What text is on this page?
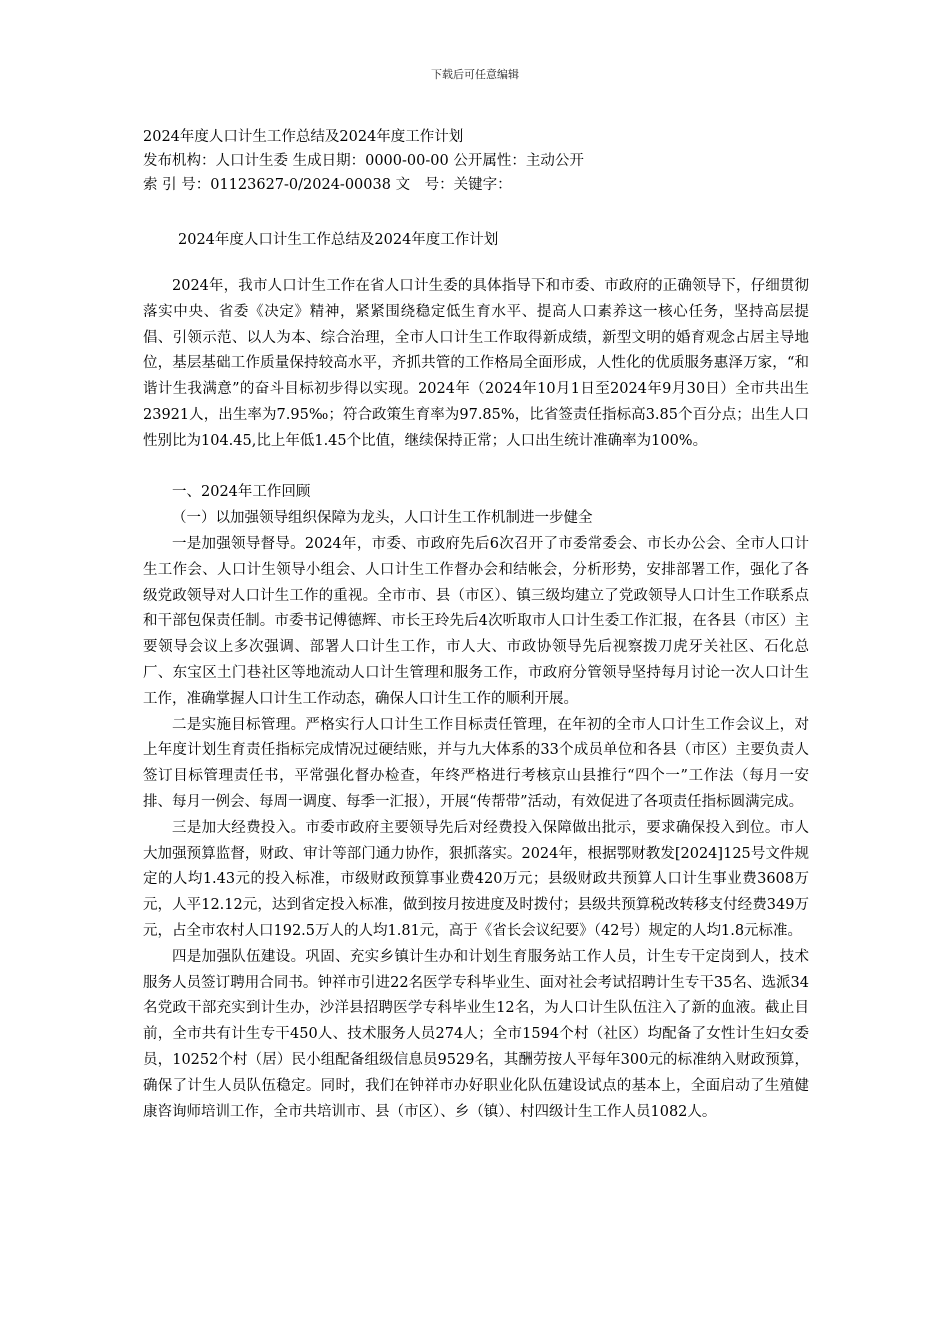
下载后可任意编辑
2024年度人口计生工作总结及2024年度工作计划
发布机构：人口计生委 生成日期：0000-00-00 公开属性：主动公开
索 引 号：01123627-0/2024-00038 文　号：关键字：
2024年度人口计生工作总结及2024年度工作计划

2024年，我市人口计生工作在省人口计生委的具体指导下和市委、市政府的正确领导下，仔细贯彻落实中央、省委《决定》精神，紧紧围绕稳定低生育水平、提高人口素养这一核心任务，坚持高层提倡、引领示范、以人为本、综合治理，全市人口计生工作取得新成绩，新型文明的婚育观念占居主导地位，基层基础工作质量保持较高水平，齐抓共管的工作格局全面形成，人性化的优质服务惠泽万家，“和谐计生我满意”的奋斗目标初步得以实现。2024年（2024年10月1日至2024年9月30日）全市共出生23921人，出生率为7.95‰；符合政策生育率为97.85%，比省签责任指标高3.85个百分点；出生人口性别比为104.45,比上年低1.45个比值，继续保持正常；人口出生统计准确率为100%。

一、2024年工作回顾

（一）以加强领导组织保障为龙头，人口计生工作机制进一步健全

一是加强领导督导。2024年，市委、市政府先后6次召开了市委常委会、市长办公会、全市人口计生工作会、人口计生领导小组会、人口计生工作督办会和结帐会，分析形势，安排部署工作，强化了各级党政领导对人口计生工作的重视。全市市、县（市区）、镇三级均建立了党政领导人口计生工作联系点和干部包保责任制。市委书记傅德辉、市长王玲先后4次听取市人口计生委工作汇报，在各县（市区）主要领导会议上多次强调、部署人口计生工作，市人大、市政协领导先后视察拨刀虎牙关社区、石化总厂、东宝区土门巷社区等地流动人口计生管理和服务工作，市政府分管领导坚持每月讨论一次人口计生工作，准确掌握人口计生工作动态，确保人口计生工作的顺利开展。

二是实施目标管理。严格实行人口计生工作目标责任管理，在年初的全市人口计生工作会议上，对上年度计划生育责任指标完成情况过硬结账，并与九大体系的33个成员单位和各县（市区）主要负责人签订目标管理责任书，平常强化督办检查，年终严格进行考核京山县推行“四个一”工作法（每月一安排、每月一例会、每周一调度、每季一汇报），开展“传帮带”活动，有效促进了各项责任指标圆满完成。

三是加大经费投入。市委市政府主要领导先后对经费投入保障做出批示，要求确保投入到位。市人大加强预算监督，财政、审计等部门通力协作，狠抓落实。2024年，根据鄂财教发[2024]125号文件规定的人均1.43元的投入标准，市级财政预算事业费420万元；县级财政共预算人口计生事业费3608万元，人平12.12元，达到省定投入标准，做到按月按进度及时拨付；县级共预算税改转移支付经费349万元，占全市农村人口192.5万人的人均1.81元，高于《省长会议纪要》（42号）规定的人均1.8元标准。

四是加强队伍建设。巩固、充实乡镇计生办和计划生育服务站工作人员，计生专干定岗到人，技术服务人员签订聘用合同书。钟祥市引进22名医学专科毕业生、面对社会考试招聘计生专干35名、选派34名党政干部充实到计生办，沙洋县招聘医学专科毕业生12名，为人口计生队伍注入了新的血液。截止目前，全市共有计生专干450人、技术服务人员274人；全市1594个村（社区）均配备了女性计生妇女委员，10252个村（居）民小组配备组级信息员9529名，其酬劳按人平每年300元的标准纳入财政预算，确保了计生人员队伍稳定。同时，我们在钟祥市办好职业化队伍建设试点的基本上，全面启动了生殖健康咨询师培训工作，全市共培训市、县（市区）、乡（镇）、村四级计生工作人员1082人。
